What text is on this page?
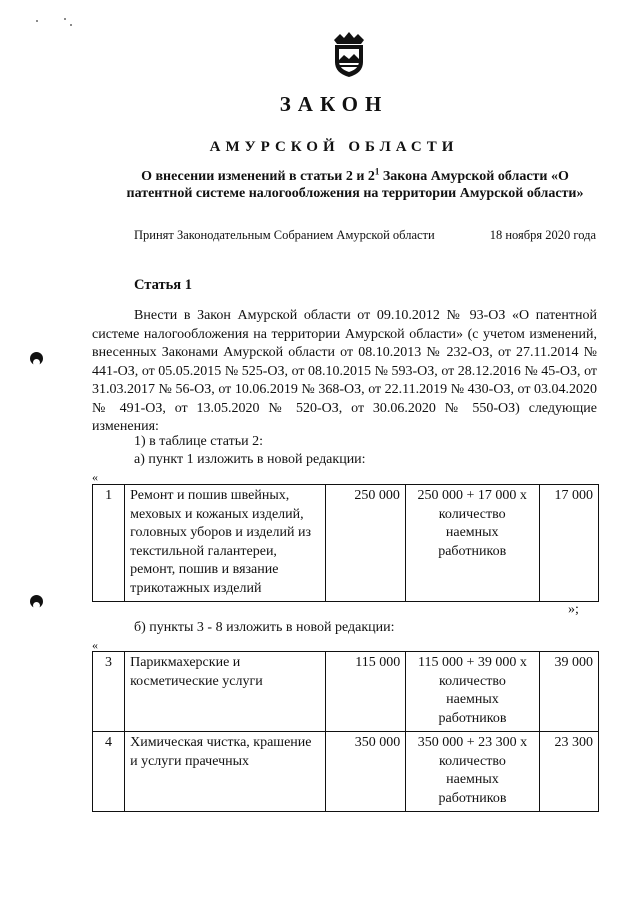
ЗАКОН
АМУРСКОЙ ОБЛАСТИ
О внесении изменений в статьи 2 и $2^1$ Закона Амурской области «О патентной системе налогообложения на территории Амурской области»
Принят Законодательным Собранием Амурской области	18 ноября 2020 года
Статья 1
Внести в Закон Амурской области от 09.10.2012 № 93-ОЗ «О патентной системе налогообложения на территории Амурской области» (с учетом изменений, внесенных Законами Амурской области от 08.10.2013 № 232-ОЗ, от 27.11.2014 № 441-ОЗ, от 05.05.2015 № 525-ОЗ, от 08.10.2015 № 593-ОЗ, от 28.12.2016 № 45-ОЗ, от 31.03.2017 № 56-ОЗ, от 10.06.2019 № 368-ОЗ, от 22.11.2019 № 430-ОЗ, от 03.04.2020 № 491-ОЗ, от 13.05.2020 № 520-ОЗ, от 30.06.2020 № 550-ОЗ) следующие изменения:
1) в таблице статьи 2:
а) пункт 1 изложить в новой редакции:
«
1	Ремонт и пошив швейных, меховых и кожаных изделий, головных уборов и изделий из текстильной галантереи, ремонт, пошив и вязание трикотажных изделий	250 000	250 000 + 17 000 х количество наемных работников	17 000
»;
б) пункты 3 - 8 изложить в новой редакции:
«
3	Парикмахерские и косметические услуги	115 000	115 000 + 39 000 х количество наемных работников	39 000
4	Химическая чистка, крашение и услуги прачечных	350 000	350 000 + 23 300 х количество наемных работников	23 300
